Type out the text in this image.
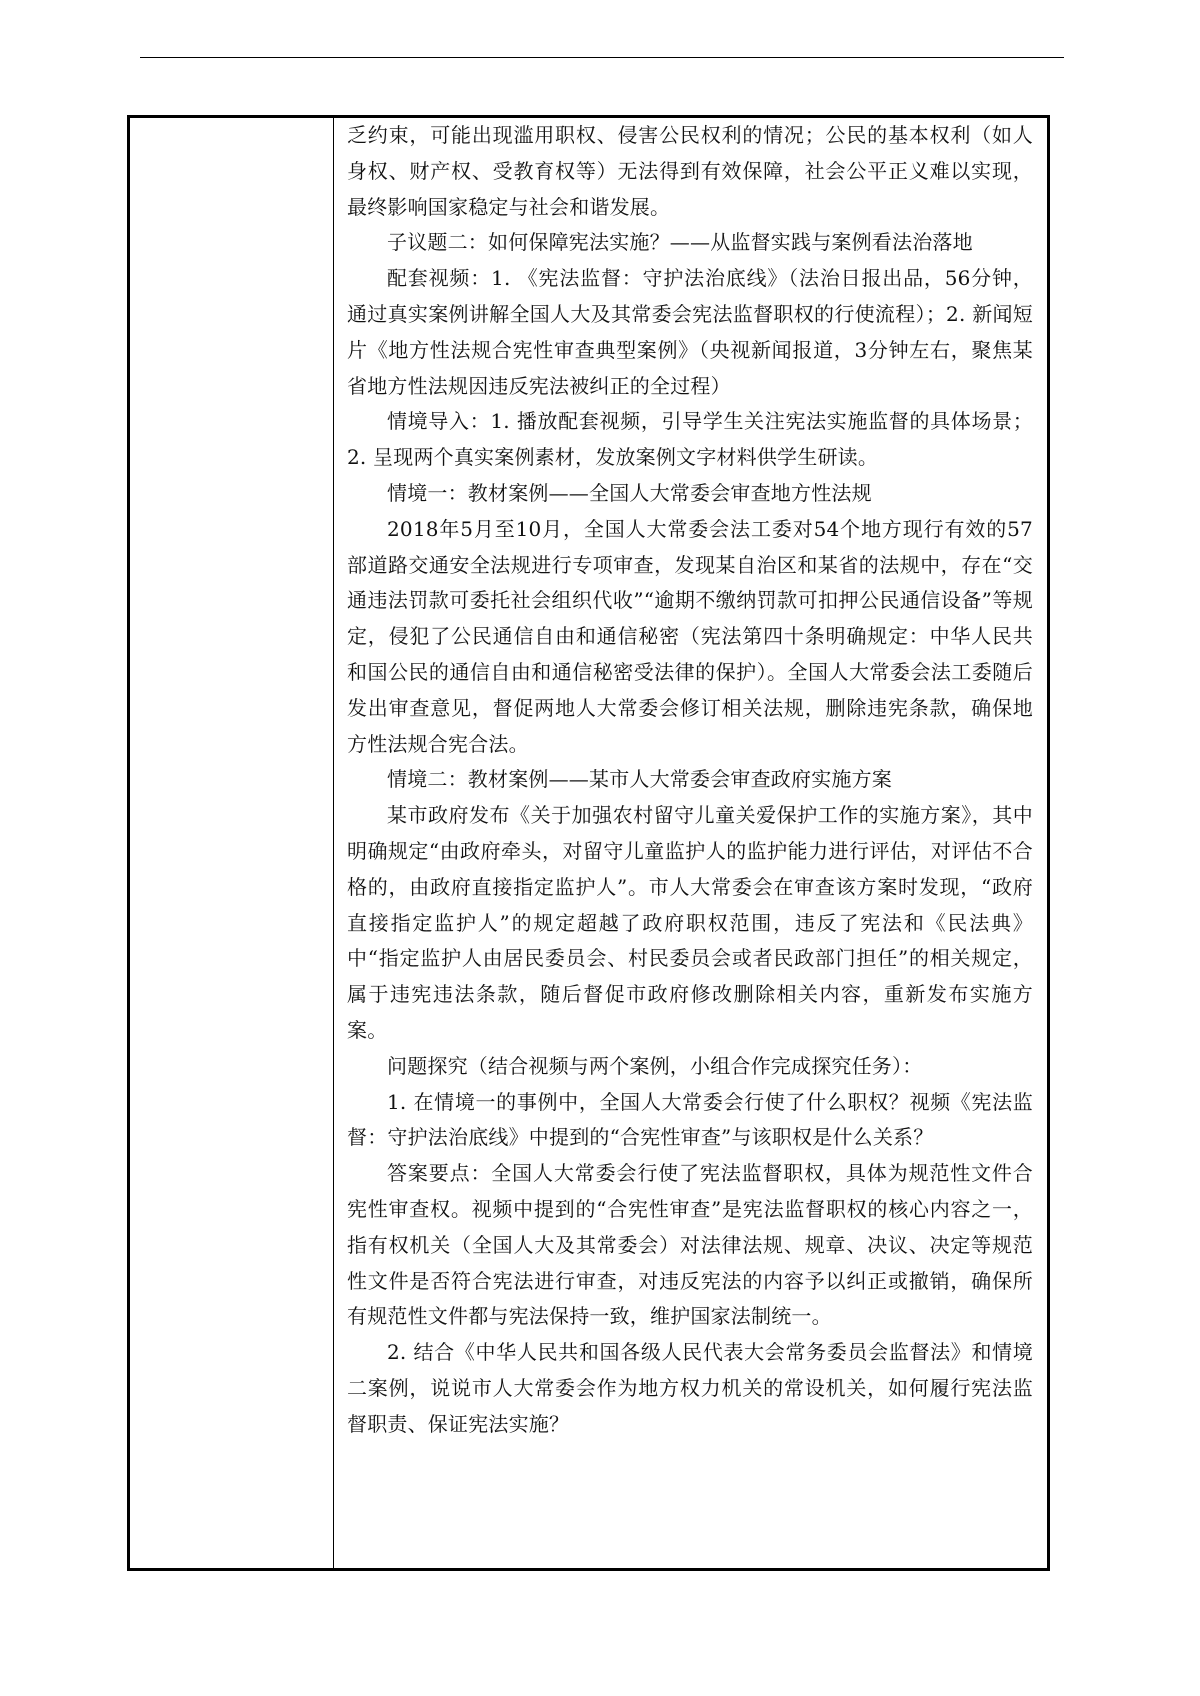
乏约束，可能出现滥用职权、侵害公民权利的情况；公民的基本权利（如人身权、财产权、受教育权等）无法得到有效保障，社会公平正义难以实现，最终影响国家稳定与社会和谐发展。

子议题二：如何保障宪法实施？——从监督实践与案例看法治落地

配套视频：1. 《宪法监督：守护法治底线》（法治日报出品，56分钟，通过真实案例讲解全国人大及其常委会宪法监督职权的行使流程）；2. 新闻短片《地方性法规合宪性审查典型案例》（央视新闻报道，3分钟左右，聚焦某省地方性法规因违反宪法被纠正的全过程）

情境导入：1. 播放配套视频，引导学生关注宪法实施监督的具体场景；2. 呈现两个真实案例素材，发放案例文字材料供学生研读。

情境一：教材案例——全国人大常委会审查地方性法规

2018年5月至10月，全国人大常委会法工委对54个地方现行有效的57部道路交通安全法规进行专项审查，发现某自治区和某省的法规中，存在“交通违法罚款可委托社会组织代收”“逾期不缴纳罚款可扣押公民通信设备”等规定，侵犯了公民通信自由和通信秘密（宪法第四十条明确规定：中华人民共和国公民的通信自由和通信秘密受法律的保护）。全国人大常委会法工委随后发出审查意见，督促两地人大常委会修订相关法规，删除违宪条款，确保地方性法规合宪合法。

情境二：教材案例——某市人大常委会审查政府实施方案

某市政府发布《关于加强农村留守儿童关爱保护工作的实施方案》，其中明确规定“由政府牵头，对留守儿童监护人的监护能力进行评估，对评估不合格的，由政府直接指定监护人”。市人大常委会在审查该方案时发现，“政府直接指定监护人”的规定超越了政府职权范围，违反了宪法和《民法典》中“指定监护人由居民委员会、村民委员会或者民政部门担任”的相关规定，属于违宪违法条款，随后督促市政府修改删除相关内容，重新发布实施方案。

问题探究（结合视频与两个案例，小组合作完成探究任务）：

1. 在情境一的事例中，全国人大常委会行使了什么职权？视频《宪法监督：守护法治底线》中提到的“合宪性审查”与该职权是什么关系？

答案要点：全国人大常委会行使了宪法监督职权，具体为规范性文件合宪性审查权。视频中提到的“合宪性审查”是宪法监督职权的核心内容之一，指有权机关（全国人大及其常委会）对法律法规、规章、决议、决定等规范性文件是否符合宪法进行审查，对违反宪法的内容予以纠正或撤销，确保所有规范性文件都与宪法保持一致，维护国家法制统一。

2. 结合《中华人民共和国各级人民代表大会常务委员会监督法》和情境二案例，说说市人大常委会作为地方权力机关的常设机关，如何履行宪法监督职责、保证宪法实施？
